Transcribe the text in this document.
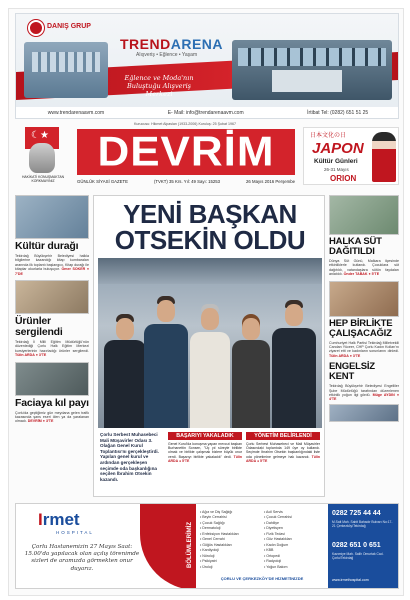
DANIŞ GRUP
TRENDARENA
Alışveriş • Eğlence • Yaşam
Eğlence ve Moda'nın Buluştuğu Alışveriş Merkezi
www.trendarenaavm.com	E- Mail: info@trendarenaavm.com	İrtibat Tel: (0282) 651 51 25
Kurucusu: Hikmet Alpaslan (1933-2006) Kuruluş: 25 Şubat 1967
☾★
HAKİKATİ KONUŞMAKTAN KORKMAYINIZ
DEVRİM
GÜNLÜK SİYASİ GAZETE	(TVKT) 35 Krs. Yıl: 49 Sayı: 15253	26 Mayıs 2016 Perşembe
日本文化の日
JAPON
Kültür Günleri
26-31 Mayıs
ORION
Kültür durağı
Tekirdağ Büyükşehir Belediyesi halkla bilgilerine kazandığı kitap kumbaraları ararında ilk toplantı başlangıcı. Kitap durağı ile kitaplar okurlarla buluşuyor. Ömer SOKER ● 7'DE
Ürünler sergilendi
Tekirdağ İl Milli Eğitim Müdürlüğü'nün düzenlediği Çorlu Halk Eğitim Merkezi kursiyerlerinin hazırladığı ürünler sergilendi. Tülin ARDA ● 3'TE
Faciaya kıl payı
Çorlu'da geçtiğimiz gün meydana gelen trafik kazasında şans eseri ölen ya da yaralanan olmadı. DEVRİM ● 3'TE
YENİ BAŞKAN
OTSEKİN OLDU
Çorlu Serbest Muhasebeci Mali Müşavirler Odası 3. Olağan Genel Kurul Toplantısı'nı gerçekleştirdi. Yapılan genel kurul ve ardından gerçekleşen seçimde oda başkanlığına seçilen İbrahim Otsekin kazandı.
BAŞARIYI YAKALADIK
Genel Kurul'da konuşma yapan mevcut başkan Burhanettin Sonsen, "Üç yıl süreyle birlikte olmak ve birlikte çalışmak bizlere büyük onur verdi. Başarıyı birlikte yakaladık" dedi. Tülin ARDA ● 5'TE
YÖNETİM BELİRLENDİ
Çorlu Serbest Muhasebeci ve Mali Müşavirler Odasındaki toplantıda 149 üye oy kullandı. Seçimde İbrahim Otsekin başkanlığındaki liste oda yönetimine gelmeye hak kazandı. Tülin ARDA ● 5'TE
HALKA SÜT DAĞITILDI
Dünya Süt Günü, Malkara ilçesinde etkinliklerle kutlandı. Çocuklara süt dağıtıldı, vatandaşlara sütün faydaları anlatıldı. Önder TABAK ● 5'TE
HEP BİRLİKTE ÇALIŞACAĞIZ
Cumhuriyet Halk Partisi Tekirdağ Milletvekili Candan Yüceer, CHP Çorlu Kadın Kolları'nı ziyaret etti ve kadınların sorunlarını dinledi. Tülin ARDA ● 3'TE
ENGELSİZ KENT
Tekirdağ Büyükşehir Belediyesi Engelliler Şube Müdürlüğü tarafından düzenlenen etkinlik yoğun ilgi gördü. Müge AYDIN ● 4'TE
Irmet
HOSPITAL
Çorlu Hastanemizin 27 Mayıs Saat: 15.00'da yapılacak olan açılış törenimde sizleri de aramızda görmekten onur duyarız.
BÖLÜMLERİMİZ
• Ağız ve Diş Sağlığı	• Acil Servis
• Beyin Cerrahisi	• Çocuk Cerrahisi
• Çocuk Sağlığı	• Dahiliye
• Dermatoloji	• Diyetisyen
• Enfeksiyon Hastalıkları	• Fizik Tedavi
• Genel Cerrahi	• Göz Hastalıkları
• Göğüs Hastalıkları	• Kadın Doğum
• Kardiyoloji	• KBB
• Nöroloji	• Ortopedi
• Psikiyatri	• Radyoloji
• Üroloji	• Yoğun Bakım
ÇORLU VE ÇERKEZKÖY'DE HİZMETİNİZDE
0282 725 44 44
M.Sait Mah. Sabit Bahadır Bulvarı No:17-21 Çerkezköy/Tekirdağ
0282 651 0 651
Kazımiye Mah. Salih Omurtak Cad. Çorlu/Tekirdağ
www.irmethospital.com
